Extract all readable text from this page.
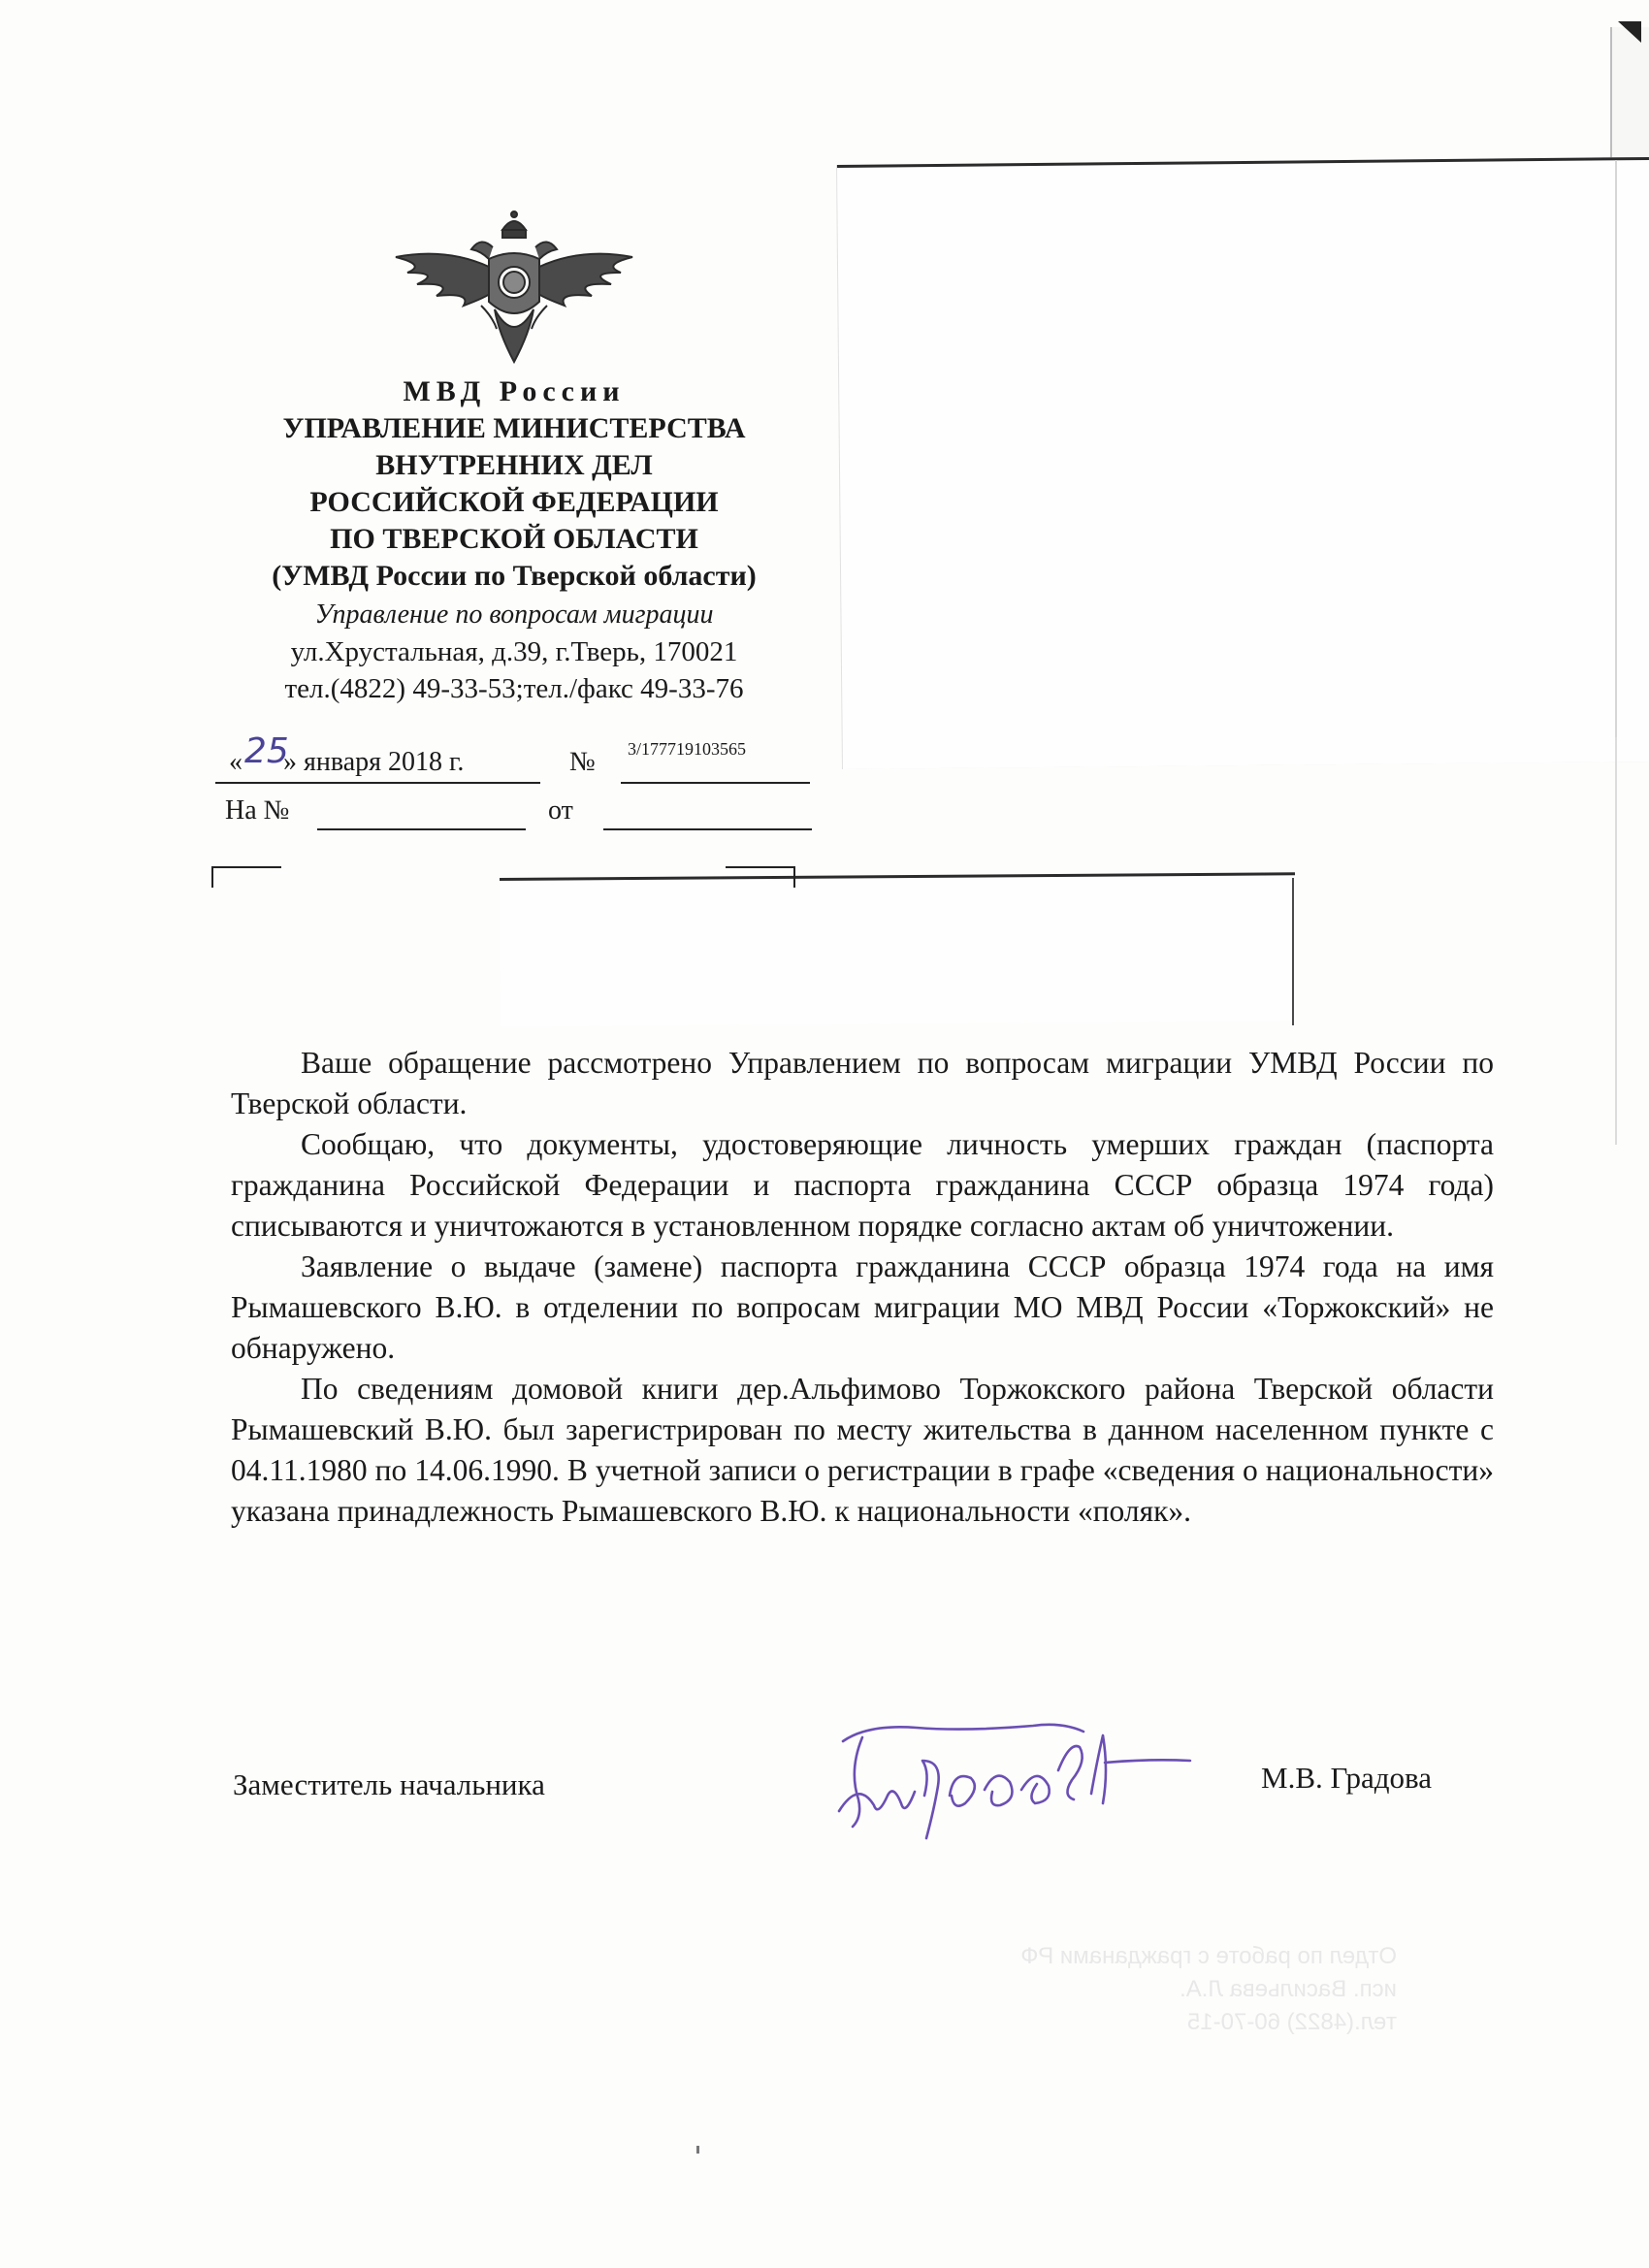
МВД России
УПРАВЛЕНИЕ МИНИСТЕРСТВА
ВНУТРЕННИХ ДЕЛ
РОССИЙСКОЙ ФЕДЕРАЦИИ
ПО ТВЕРСКОЙ ОБЛАСТИ
(УМВД России по Тверской области)
Управление по вопросам миграции
ул.Хрустальная, д.39, г.Тверь, 170021
тел.(4822) 49-33-53;тел./факс 49-33-76
« 25
» января 2018 г.	№ 3/177719103565
На №	от

Ваше обращение рассмотрено Управлением по вопросам миграции УМВД России по Тверской области.

Сообщаю, что документы, удостоверяющие личность умерших граждан (паспорта гражданина Российской Федерации и паспорта гражданина СССР образца 1974 года) списываются и уничтожаются в установленном порядке согласно актам об уничтожении.

Заявление о выдаче (замене) паспорта гражданина СССР образца 1974 года на имя Рымашевского В.Ю. в отделении по вопросам миграции МО МВД России «Торжокский» не обнаружено.

По сведениям домовой книги дер.Альфимово Торжокского района Тверской области Рымашевский В.Ю. был зарегистрирован по месту жительства в данном населенном пункте с 04.11.1980 по 14.06.1990. В учетной записи о регистрации в графе «сведения о национальности» указана принадлежность Рымашевского В.Ю. к национальности «поляк».

Заместитель начальника	М.В. Градова
Отдел по работе с гражданами РФ
исп. Васильева Л.А.
тел.(4822) 60-70-15
